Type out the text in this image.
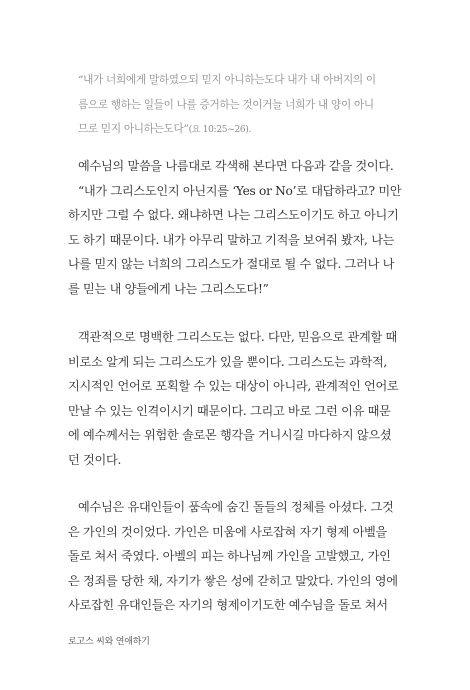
“내가 너희에게 말하였으되 믿지 아니하는도다 내가 내 아버지의 이
름으로 행하는 일들이 나를 증거하는 것이거늘 너희가 내 양이 아니
므로 믿지 아니하는도다”(요 10:25~26).
예수님의 말씀을 나름대로 각색해 본다면 다음과 같을 것이다.
“내가 그리스도인지 아닌지를 ‘Yes or No’로 대답하라고? 미안
하지만 그럴 수 없다. 왜냐하면 나는 그리스도이기도 하고 아니기
도 하기 때문이다. 내가 아무리 말하고 기적을 보여줘 봤자, 나는
나를 믿지 않는 너희의 그리스도가 절대로 될 수 없다. 그러나 나
를 믿는 내 양들에게 나는 그리스도다!”
객관적으로 명백한 그리스도는 없다. 다만, 믿음으로 관계할 때
비로소 알게 되는 그리스도가 있을 뿐이다. 그리스도는 과학적,
지시적인 언어로 포획할 수 있는 대상이 아니라, 관계적인 언어로
만날 수 있는 인격이시기 때문이다. 그리고 바로 그런 이유 때문
에 예수께서는 위험한 솔로몬 행각을 거니시길 마다하지 않으셨
던 것이다.
예수님은 유대인들이 품속에 숨긴 돌들의 정체를 아셨다. 그것
은 가인의 것이었다. 가인은 미움에 사로잡혀 자기 형제 아벨을
돌로 쳐서 죽였다. 아벨의 피는 하나님께 가인을 고발했고, 가인
은 정죄를 당한 채, 자기가 쌓은 성에 갇히고 말았다. 가인의 영에
사로잡힌 유대인들은 자기의 형제이기도한 예수님을 돌로 쳐서
로고스 씨와 연애하기
